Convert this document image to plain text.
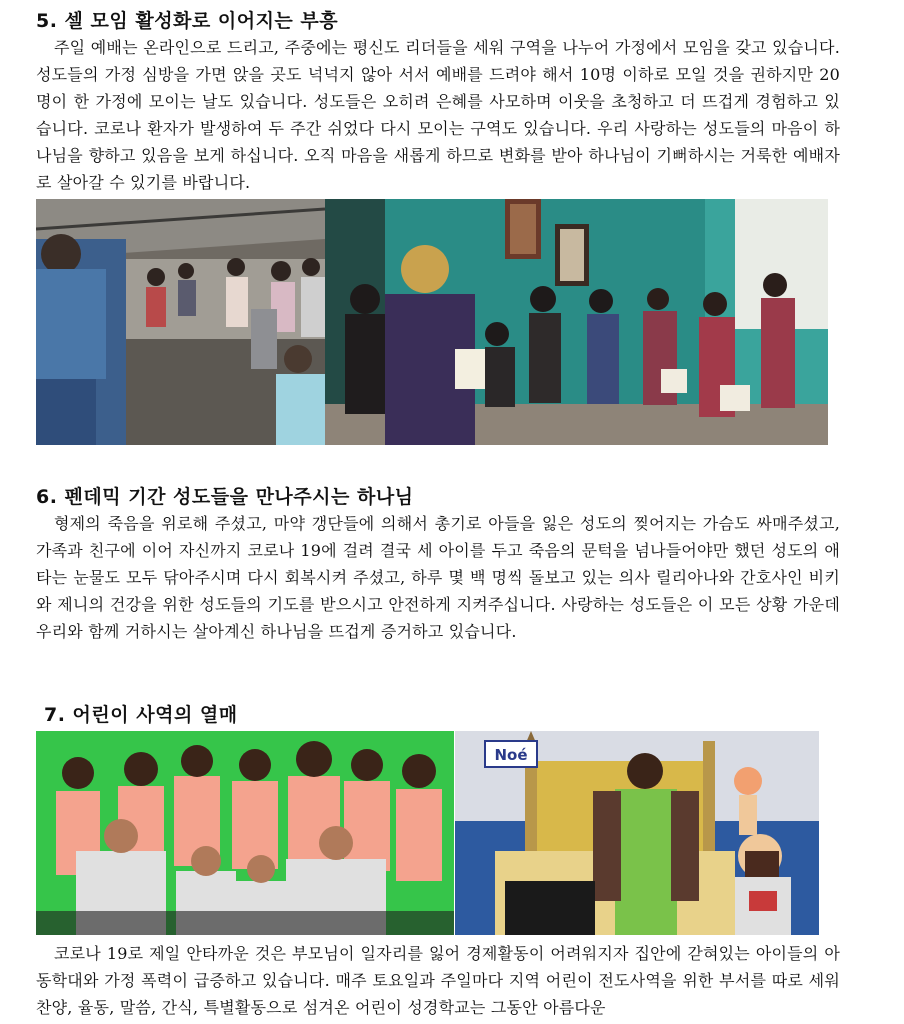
5. 셀 모임 활성화로 이어지는 부흥

주일 예배는 온라인으로 드리고, 주중에는 평신도 리더들을 세워 구역을 나누어 가정에서 모임을 갖고 있습니다. 성도들의 가정 심방을 가면 앉을 곳도 넉넉지 않아 서서 예배를 드려야 해서 10명 이하로 모일 것을 권하지만 20명이 한 가정에 모이는 날도 있습니다. 성도들은 오히려 은혜를 사모하며 이웃을 초청하고 더 뜨겁게 경험하고 있습니다. 코로나 환자가 발생하여 두 주간 쉬었다 다시 모이는 구역도 있습니다. 우리 사랑하는 성도들의 마음이 하나님을 향하고 있음을 보게 하십니다. 오직 마음을 새롭게 하므로 변화를 받아 하나님이 기뻐하시는 거룩한 예배자로 살아갈 수 있기를 바랍니다.

6. 펜데믹 기간 성도들을 만나주시는 하나님

형제의 죽음을 위로해 주셨고, 마약 갱단들에 의해서 총기로 아들을 잃은 성도의 찢어지는 가슴도 싸매주셨고, 가족과 친구에 이어 자신까지 코로나 19에 걸려 결국 세 아이를 두고 죽음의 문턱을 넘나들어야만 했던 성도의 애타는 눈물도 모두 닦아주시며 다시 회복시켜 주셨고, 하루 몇 백 명씩 돌보고 있는 의사 릴리아나와 간호사인 비키와 제니의 건강을 위한 성도들의 기도를 받으시고 안전하게 지켜주십니다. 사랑하는 성도들은 이 모든 상황 가운데 우리와 함께 거하시는 살아계신 하나님을 뜨겁게 증거하고 있습니다.

7. 어린이 사역의 열매
Noé

코로나 19로 제일 안타까운 것은 부모님이 일자리를 잃어 경제활동이 어려워지자 집안에 갇혀있는 아이들의 아동학대와 가정 폭력이 급증하고 있습니다. 매주 토요일과 주일마다 지역 어린이 전도사역을 위한 부서를 따로 세워 찬양, 율동, 말씀, 간식, 특별활동으로 섬겨온 어린이 성경학교는 그동안 아름다운
